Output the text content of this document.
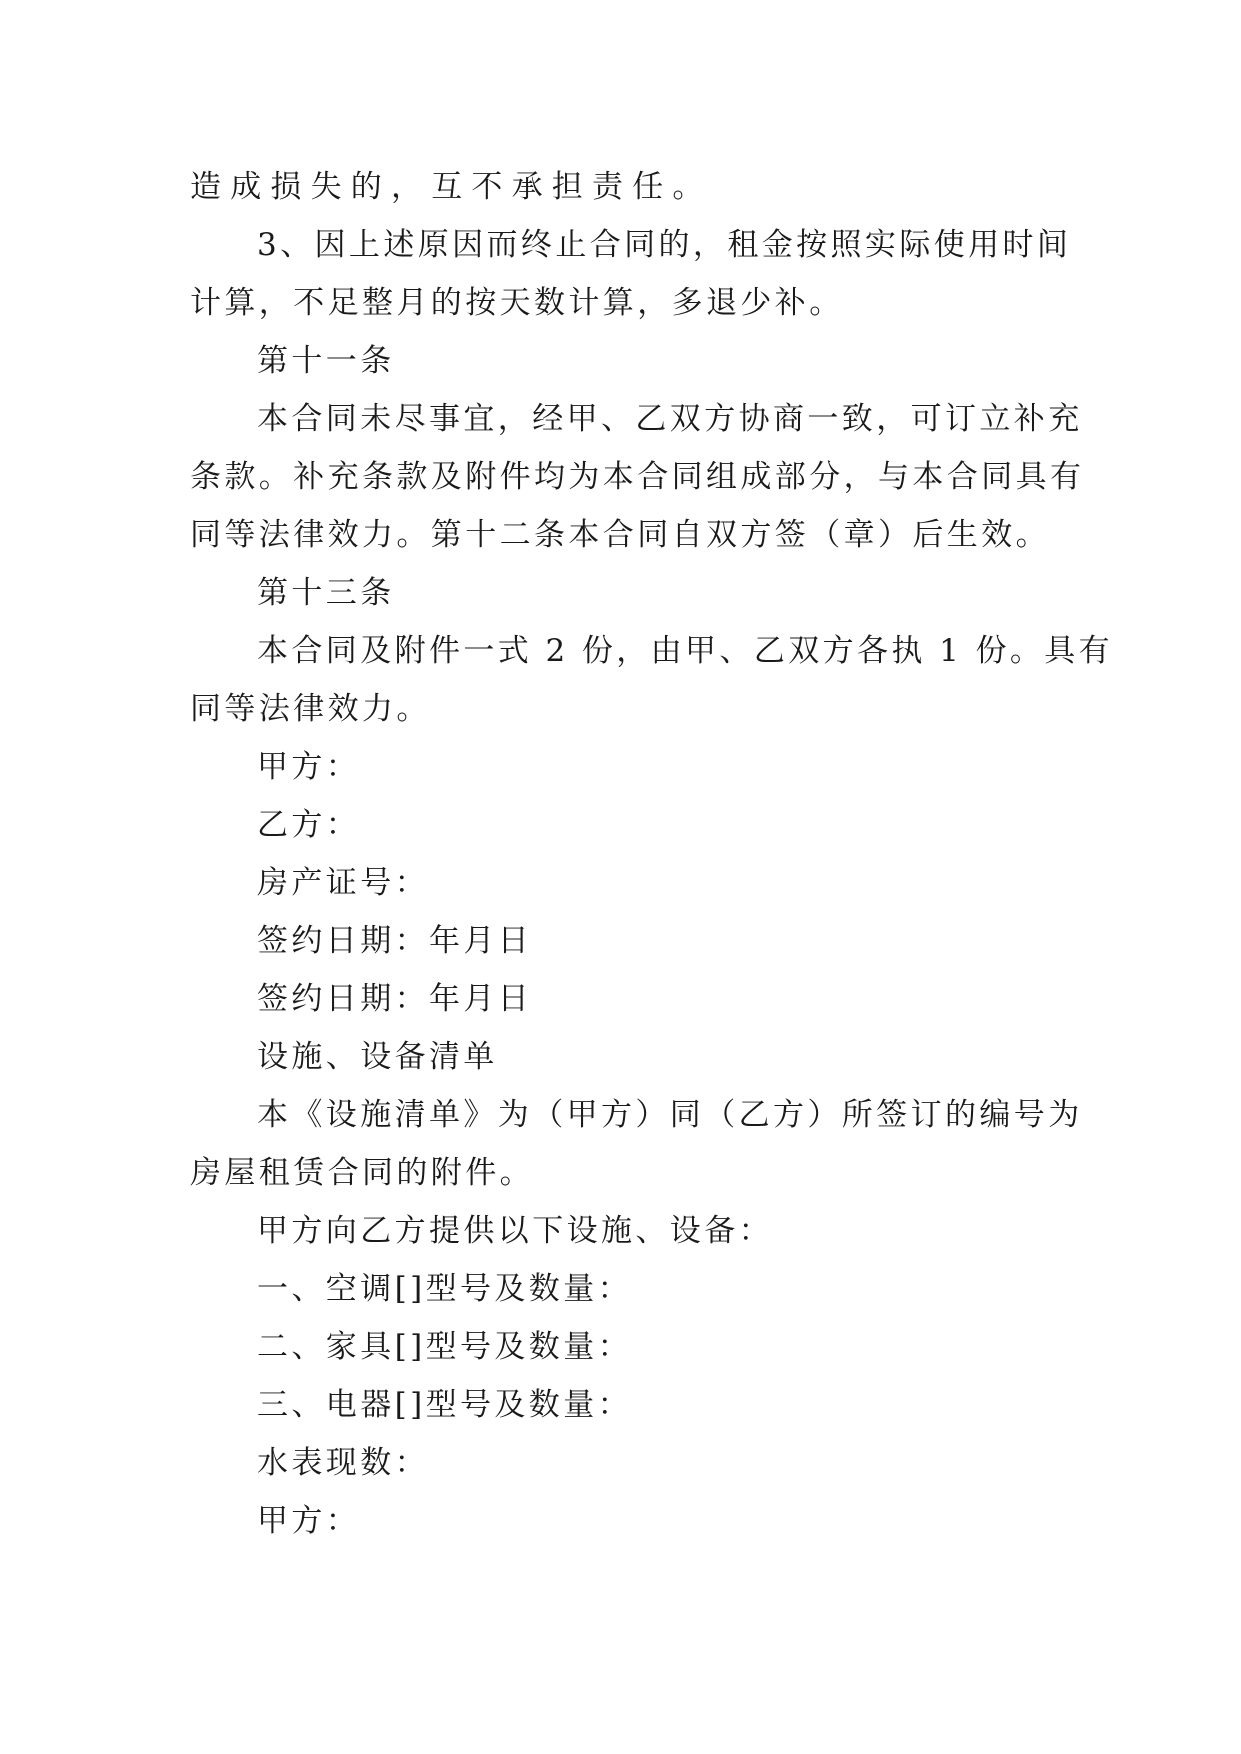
造成损失的，互不承担责任。
3、因上述原因而终止合同的，租金按照实际使用时间
计算，不足整月的按天数计算，多退少补。
第十一条
本合同未尽事宜，经甲、乙双方协商一致，可订立补充
条款。补充条款及附件均为本合同组成部分，与本合同具有
同等法律效力。第十二条本合同自双方签（章）后生效。
第十三条
本合同及附件一式 2 份，由甲、乙双方各执 1 份。具有
同等法律效力。
甲方：
乙方：
房产证号：
签约日期：年月日
签约日期：年月日
设施、设备清单
本《设施清单》为（甲方）同（乙方）所签订的编号为
房屋租赁合同的附件。
甲方向乙方提供以下设施、设备：
一、空调[]型号及数量：
二、家具[]型号及数量：
三、电器[]型号及数量：
水表现数：
甲方：
